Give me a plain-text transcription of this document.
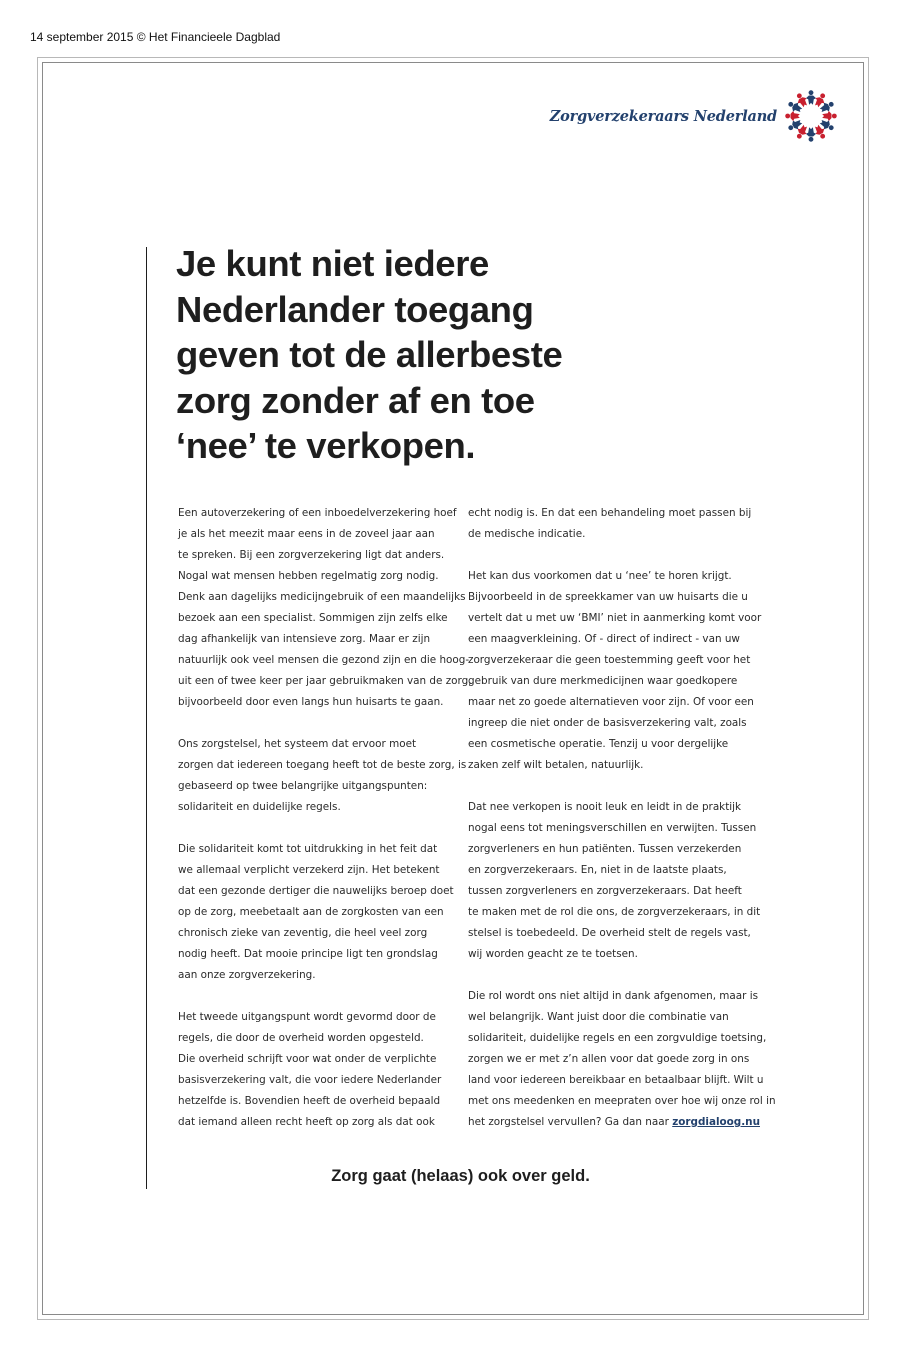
14 september 2015 © Het Financieele Dagblad
Zorgverzekeraars Nederland
Je kunt niet iedere
Nederlander toegang
geven tot de allerbeste
zorg zonder af en toe
‘nee’ te verkopen.
Een autoverzekering of een inboedelverzekering hoef
je als het meezit maar eens in de zoveel jaar aan
te spreken. Bij een zorgverzekering ligt dat anders.
Nogal wat mensen hebben regelmatig zorg nodig.
Denk aan dagelijks medicijngebruik of een maandelijks
bezoek aan een specialist. Sommigen zijn zelfs elke
dag afhankelijk van intensieve zorg. Maar er zijn
natuurlijk ook veel mensen die gezond zijn en die hoog-
uit een of twee keer per jaar gebruikmaken van de zorg,
bijvoorbeeld door even langs hun huisarts te gaan.
Ons zorgstelsel, het systeem dat ervoor moet
zorgen dat iedereen toegang heeft tot de beste zorg, is
gebaseerd op twee belangrijke uitgangspunten:
solidariteit en duidelijke regels.
Die solidariteit komt tot uitdrukking in het feit dat
we allemaal verplicht verzekerd zijn. Het betekent
dat een gezonde dertiger die nauwelijks beroep doet
op de zorg, meebetaalt aan de zorgkosten van een
chronisch zieke van zeventig, die heel veel zorg
nodig heeft. Dat mooie principe ligt ten grondslag
aan onze zorgverzekering.
Het tweede uitgangspunt wordt gevormd door de
regels, die door de overheid worden opgesteld.
Die overheid schrijft voor wat onder de verplichte
basisverzekering valt, die voor iedere Nederlander
hetzelfde is. Bovendien heeft de overheid bepaald
dat iemand alleen recht heeft op zorg als dat ook
echt nodig is. En dat een behandeling moet passen bij
de medische indicatie.
Het kan dus voorkomen dat u ‘nee’ te horen krijgt.
Bijvoorbeeld in de spreekkamer van uw huisarts die u
vertelt dat u met uw ‘BMI’ niet in aanmerking komt voor
een maagverkleining. Of - direct of indirect - van uw
zorgverzekeraar die geen toestemming geeft voor het
gebruik van dure merkmedicijnen waar goedkopere
maar net zo goede alternatieven voor zijn. Of voor een
ingreep die niet onder de basisverzekering valt, zoals
een cosmetische operatie. Tenzij u voor dergelijke
zaken zelf wilt betalen, natuurlijk.
Dat nee verkopen is nooit leuk en leidt in de praktijk
nogal eens tot meningsverschillen en verwijten. Tussen
zorgverleners en hun patiënten. Tussen verzekerden
en zorgverzekeraars. En, niet in de laatste plaats,
tussen zorgverleners en zorgverzekeraars. Dat heeft
te maken met de rol die ons, de zorgverzekeraars, in dit
stelsel is toebedeeld. De overheid stelt de regels vast,
wij worden geacht ze te toetsen.
Die rol wordt ons niet altijd in dank afgenomen, maar is
wel belangrijk. Want juist door die combinatie van
solidariteit, duidelijke regels en een zorgvuldige toetsing,
zorgen we er met z’n allen voor dat goede zorg in ons
land voor iedereen bereikbaar en betaalbaar blijft. Wilt u
met ons meedenken en meepraten over hoe wij onze rol in
het zorgstelsel vervullen? Ga dan naar zorgdialoog.nu
Zorg gaat (helaas) ook over geld.
